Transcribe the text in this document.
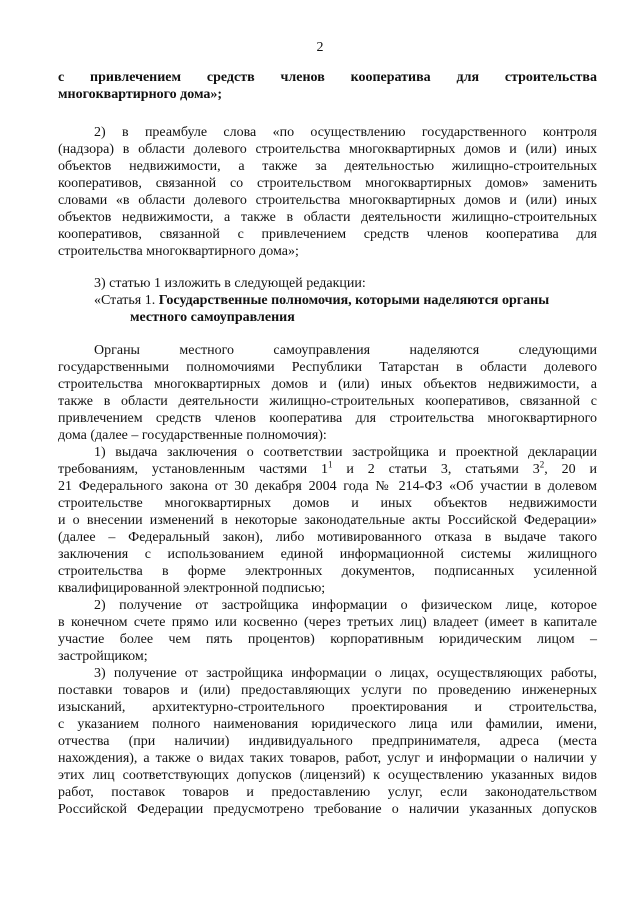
2
с привлечением средств членов кооператива для строительства
многоквартирного дома»;
2) в преамбуле слова «по осуществлению государственного контроля
(надзора) в области долевого строительства многоквартирных домов и (или) иных
объектов недвижимости, а также за деятельностью жилищно-строительных
кооперативов, связанной со строительством многоквартирных домов» заменить
словами «в области долевого строительства многоквартирных домов и (или) иных
объектов недвижимости, а также в области деятельности жилищно-строительных
кооперативов, связанной с привлечением средств членов кооператива для
строительства многоквартирного дома»;
3) статью 1 изложить в следующей редакции:
«Статья 1. Государственные полномочия, которыми наделяются органы
местного самоуправления
Органы местного самоуправления наделяются следующими
государственными полномочиями Республики Татарстан в области долевого
строительства многоквартирных домов и (или) иных объектов недвижимости, а
также в области деятельности жилищно-строительных кооперативов, связанной с
привлечением средств членов кооператива для строительства многоквартирного
дома (далее – государственные полномочия):
1) выдача заключения о соответствии застройщика и проектной декларации
требованиям, установленным частями $1^1$ и 2 статьи 3, статьями $3^2$, 20 и
21 Федерального закона от 30 декабря 2004 года № 214-ФЗ «Об участии в долевом
строительстве многоквартирных домов и иных объектов недвижимости
и о внесении изменений в некоторые законодательные акты Российской Федерации»
(далее – Федеральный закон), либо мотивированного отказа в выдаче такого
заключения с использованием единой информационной системы жилищного
строительства в форме электронных документов, подписанных усиленной
квалифицированной электронной подписью;
2) получение от застройщика информации о физическом лице, которое
в конечном счете прямо или косвенно (через третьих лиц) владеет (имеет в капитале
участие более чем пять процентов) корпоративным юридическим лицом –
застройщиком;
3) получение от застройщика информации о лицах, осуществляющих работы,
поставки товаров и (или) предоставляющих услуги по проведению инженерных
изысканий, архитектурно-строительного проектирования и строительства,
с указанием полного наименования юридического лица или фамилии, имени,
отчества (при наличии) индивидуального предпринимателя, адреса (места
нахождения), а также о видах таких товаров, работ, услуг и информации о наличии у
этих лиц соответствующих допусков (лицензий) к осуществлению указанных видов
работ, поставок товаров и предоставлению услуг, если законодательством
Российской Федерации предусмотрено требование о наличии указанных допусков
